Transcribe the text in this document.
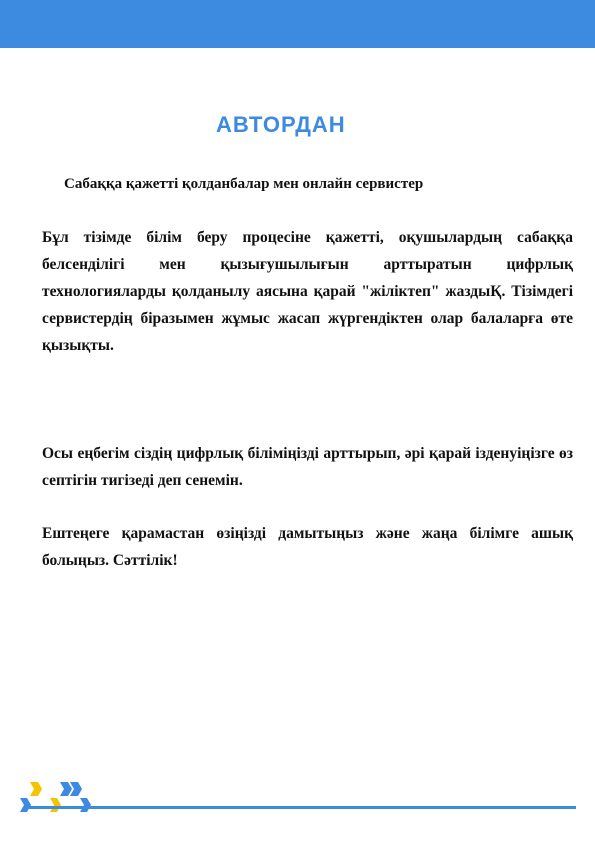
АВТОРДАН
Сабаққа қажетті қолданбалар мен онлайн сервистер

Бұл тізімде білім беру процесіне қажетті, оқушылардың сабаққа белсенділігі мен қызығушылығын арттыратын цифрлық технологияларды қолданылу аясына қарай "жіліктеп" жаздыҚ. Тізімдегі сервистердің біразымен жұмыс жасап жүргендіктен олар балаларға өте қызықты.

Осы еңбегім сіздің цифрлық біліміңізді арттырып, әрі қарай ізденуіңізге өз септігін тигізеді деп сенемін.

Ештеңеге қарамастан өзіңізді дамытыңыз және жаңа білімге ашық болыңыз. Сәттілік!
